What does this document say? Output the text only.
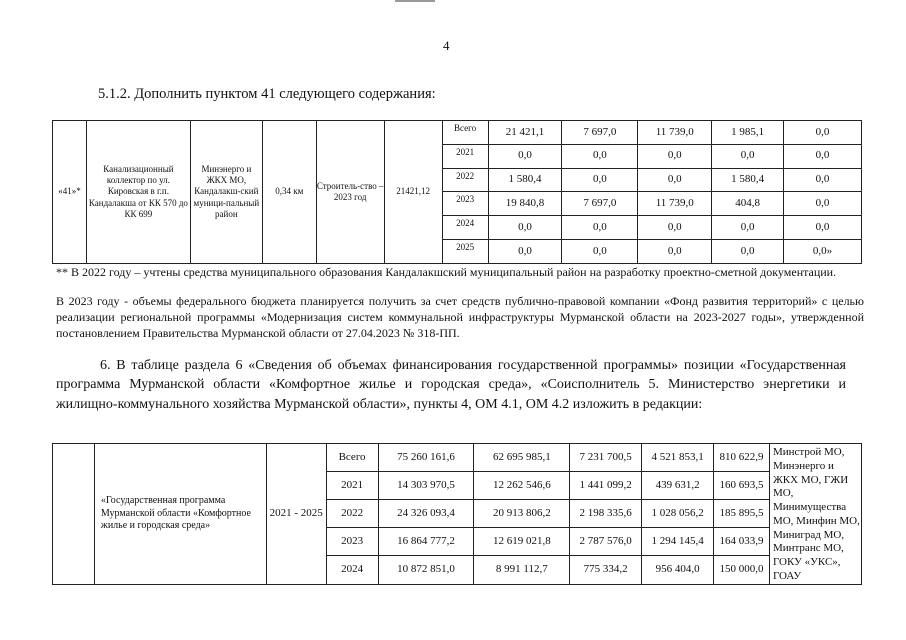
4
5.1.2. Дополнить пунктом 41 следующего содержания:
«41»*	Канализационный коллектор по ул. Кировская в г.п. Кандалакша от КК 570 до КК 699	Минэнерго и ЖКХ МО, Кандалакш-ский муници-пальный район	0,34 км	Строитель-ство – 2023 год	21421,12	Всего	21 421,1	7 697,0	11 739,0	1 985,1	0,0
						2021	0,0	0,0	0,0	0,0	0,0
						2022	1 580,4	0,0	0,0	1 580,4	0,0
						2023	19 840,8	7 697,0	11 739,0	404,8	0,0
						2024	0,0	0,0	0,0	0,0	0,0
						2025	0,0	0,0	0,0	0,0	0,0»
** В 2022 году – учтены средства муниципального образования Кандалакшский муниципальный район на разработку проектно-сметной документации.
В 2023 году - объемы федерального бюджета планируется получить за счет средств публично-правовой компании «Фонд развития территорий» с целью реализации региональной программы «Модернизация систем коммунальной инфраструктуры Мурманской области на 2023-2027 годы», утвержденной постановлением Правительства Мурманской области от 27.04.2023 № 318-ПП.
6. В таблице раздела 6 «Сведения об объемах финансирования государственной программы» позиции «Государственная программа Мурманской области «Комфортное жилье и городская среда», «Соисполнитель 5. Министерство энергетики и жилищно-коммунального хозяйства Мурманской области», пункты 4, ОМ 4.1, ОМ 4.2 изложить в редакции:
	«Государственная программа Мурманской области «Комфортное жилье и городская среда»	2021 - 2025	Всего	75 260 161,6	62 695 985,1	7 231 700,5	4 521 853,1	810 622,9	Минстрой МО, Минэнерго и ЖКХ МО, ГЖИ МО, Минимущества МО, Минфин МО, Миниград МО, Минтранс МО, ГОКУ «УКС», ГОАУ
			2021	14 303 970,5	12 262 546,6	1 441 099,2	439 631,2	160 693,5	
			2022	24 326 093,4	20 913 806,2	2 198 335,6	1 028 056,2	185 895,5	
			2023	16 864 777,2	12 619 021,8	2 787 576,0	1 294 145,4	164 033,9	
			2024	10 872 851,0	8 991 112,7	775 334,2	956 404,0	150 000,0	
